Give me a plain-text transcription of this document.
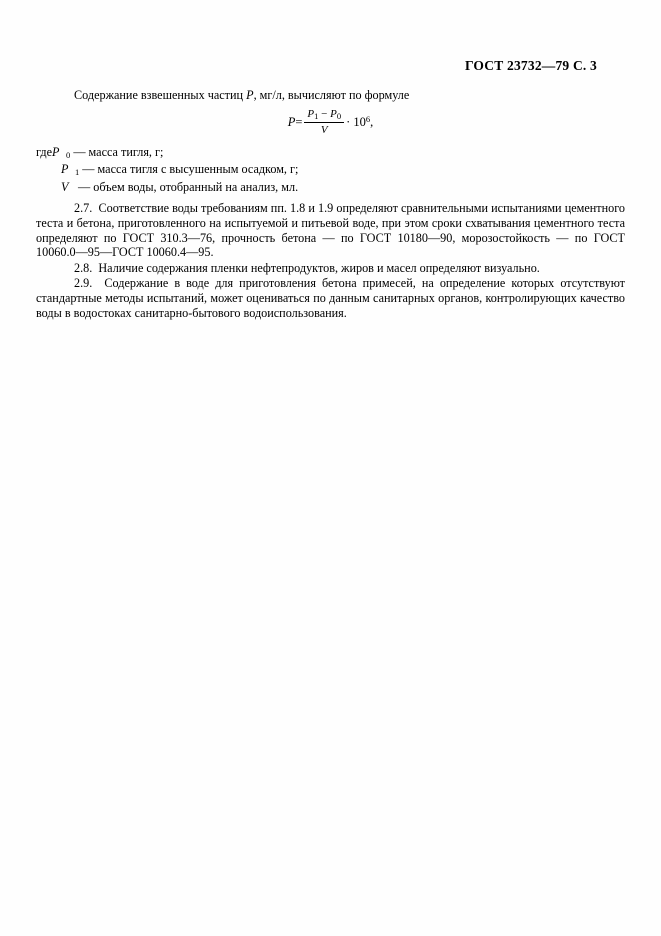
ГОСТ 23732—79 С. 3

Содержание взвешенных частиц P, мг/л, вычисляют по формуле

$P= \frac{P_1 - P_0}{V} \cdot 10^6$,
гдеP $_0$ — масса тигля, г;
P $_1$ — масса тигля с высушенным осадком, г;
V — объем воды, отобранный на анализ, мл.

2.7. Соответствие воды требованиям пп. 1.8 и 1.9 определяют сравнительными испытаниями цементного теста и бетона, приготовленного на испытуемой и питьевой воде, при этом сроки схватывания цементного теста определяют по ГОСТ 310.3—76, прочность бетона — по ГОСТ 10180—90, морозостойкость — по ГОСТ 10060.0—95—ГОСТ 10060.4—95.

2.8. Наличие содержания пленки нефтепродуктов, жиров и масел определяют визуально.

2.9. Содержание в воде для приготовления бетона примесей, на определение которых отсутствуют стандартные методы испытаний, может оцениваться по данным санитарных органов, контролирующих качество воды в водостоках санитарно-бытового водоиспользования.
